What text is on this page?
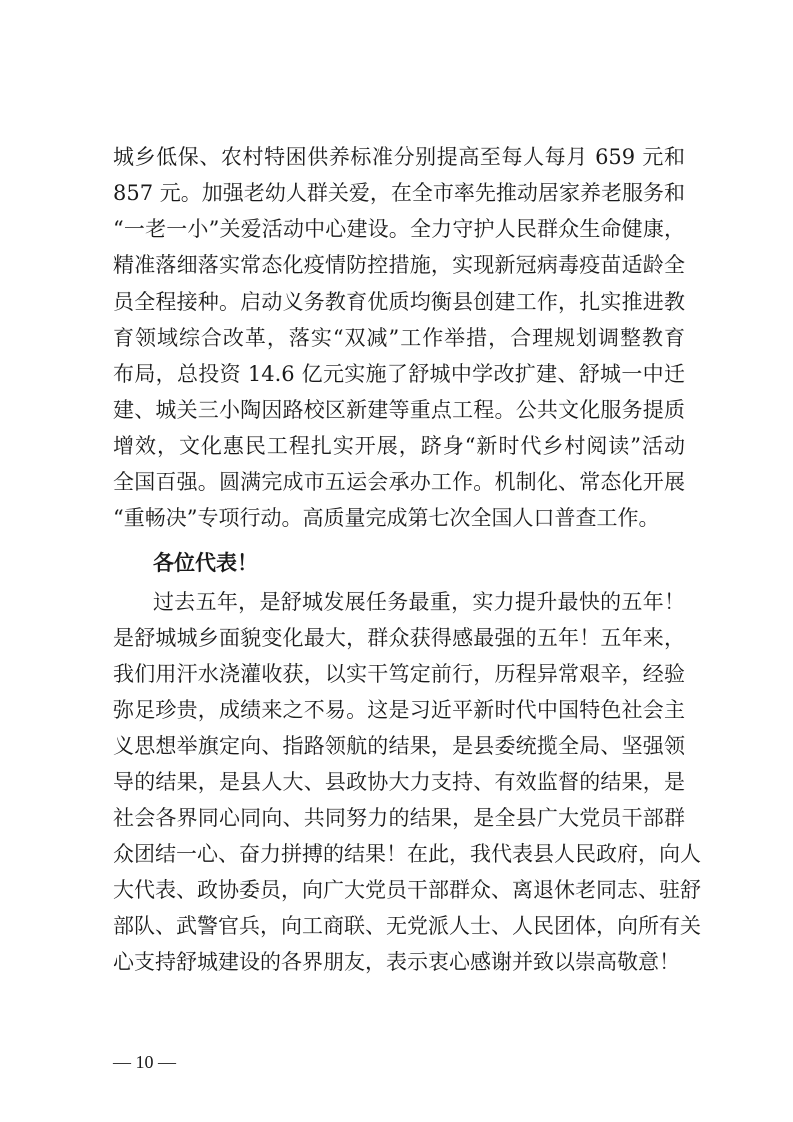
城乡低保、农村特困供养标准分别提高至每人每月 659 元和
857 元。加强老幼人群关爱，在全市率先推动居家养老服务和
“一老一小”关爱活动中心建设。全力守护人民群众生命健康，
精准落细落实常态化疫情防控措施，实现新冠病毒疫苗适龄全
员全程接种。启动义务教育优质均衡县创建工作，扎实推进教
育领域综合改革，落实“双减”工作举措，合理规划调整教育
布局，总投资 14.6 亿元实施了舒城中学改扩建、舒城一中迁
建、城关三小陶因路校区新建等重点工程。公共文化服务提质
增效，文化惠民工程扎实开展，跻身“新时代乡村阅读”活动
全国百强。圆满完成市五运会承办工作。机制化、常态化开展
“重畅决”专项行动。高质量完成第七次全国人口普查工作。
各位代表！
过去五年，是舒城发展任务最重，实力提升最快的五年！
是舒城城乡面貌变化最大，群众获得感最强的五年！五年来，
我们用汗水浇灌收获，以实干笃定前行，历程异常艰辛，经验
弥足珍贵，成绩来之不易。这是习近平新时代中国特色社会主
义思想举旗定向、指路领航的结果，是县委统揽全局、坚强领
导的结果，是县人大、县政协大力支持、有效监督的结果，是
社会各界同心同向、共同努力的结果，是全县广大党员干部群
众团结一心、奋力拼搏的结果！在此，我代表县人民政府，向人
大代表、政协委员，向广大党员干部群众、离退休老同志、驻舒
部队、武警官兵，向工商联、无党派人士、人民团体，向所有关
心支持舒城建设的各界朋友，表示衷心感谢并致以崇高敬意！
— 10 —
